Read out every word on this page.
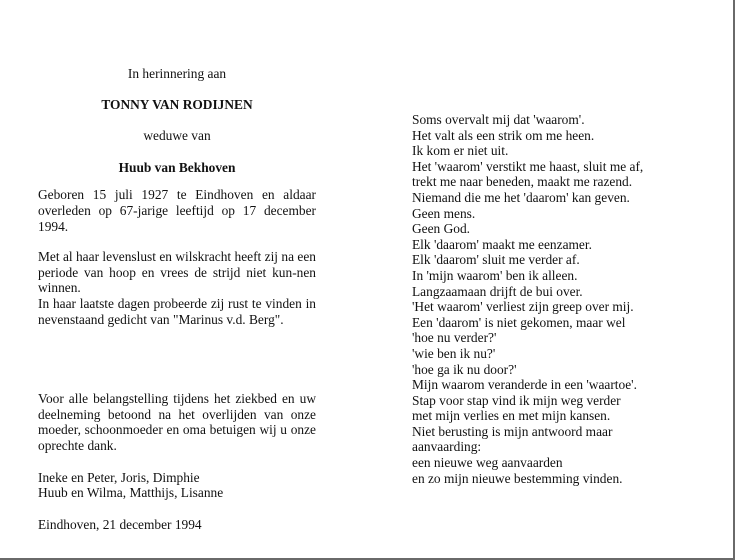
In herinnering aan
TONNY VAN RODIJNEN
weduwe van
Huub van Bekhoven
Geboren 15 juli 1927 te Eindhoven en aldaar overleden op 67-jarige leeftijd op 17 december 1994.
Met al haar levenslust en wilskracht heeft zij na een periode van hoop en vrees de strijd niet kun-nen winnen.
In haar laatste dagen probeerde zij rust te vinden in nevenstaand gedicht van "Marinus v.d. Berg".
Voor alle belangstelling tijdens het ziekbed en uw deelneming betoond na het overlijden van onze moeder, schoonmoeder en oma betuigen wij u onze oprechte dank.
Ineke en Peter, Joris, Dimphie
Huub en Wilma, Matthijs, Lisanne
Eindhoven, 21 december 1994
Soms overvalt mij dat 'waarom'.
Het valt als een strik om me heen.
Ik kom er niet uit.
Het 'waarom' verstikt me haast, sluit me af,
trekt me naar beneden, maakt me razend.
Niemand die me het 'daarom' kan geven.
Geen mens.
Geen God.
Elk 'daarom' maakt me eenzamer.
Elk 'daarom' sluit me verder af.
In 'mijn waarom' ben ik alleen.
Langzaamaan drijft de bui over.
'Het waarom' verliest zijn greep over mij.
Een 'daarom' is niet gekomen, maar wel
'hoe nu verder?'
'wie ben ik nu?'
'hoe ga ik nu door?'
Mijn waarom veranderde in een 'waartoe'.
Stap voor stap vind ik mijn weg verder
met mijn verlies en met mijn kansen.
Niet berusting is mijn antwoord maar
aanvaarding:
een nieuwe weg aanvaarden
en zo mijn nieuwe bestemming vinden.
